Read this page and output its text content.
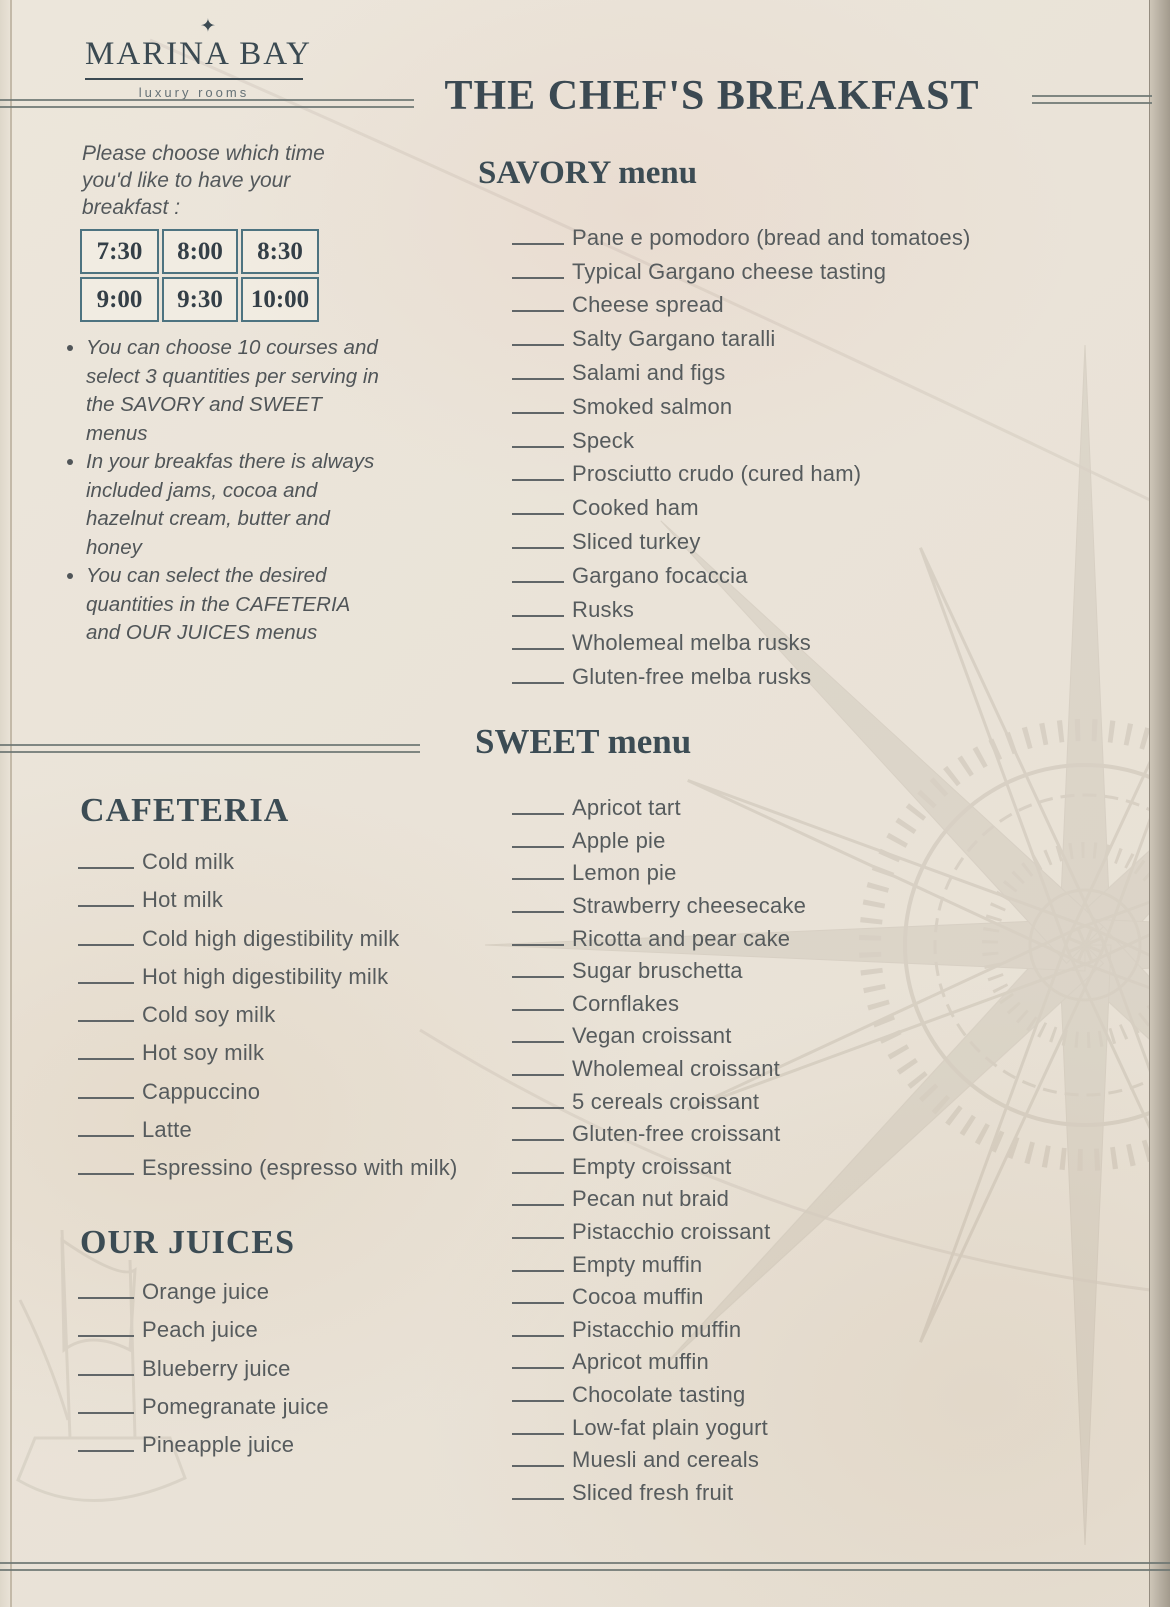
✦
MARINA BAY
luxury rooms	THE CHEF'S BREAKFAST
Please choose which time you'd like to have your breakfast :
7:30	8:00	8:30
9:00	9:30	10:00
• You can choose 10 courses and select 3 quantities per serving in the SAVORY and SWEET menus
• In your breakfas there is always included jams, cocoa and hazelnut cream, butter and honey
• You can select the desired quantities in the CAFETERIA and OUR JUICES menus
CAFETERIA
Cold milk
Hot milk
Cold high digestibility milk
Hot high digestibility milk
Cold soy milk
Hot soy milk
Cappuccino
Latte
Espressino (espresso with milk)
OUR JUICES
Orange juice
Peach juice
Blueberry juice
Pomegranate juice
Pineapple juice
SAVORY menu
Pane e pomodoro (bread and tomatoes)
Typical Gargano cheese tasting
Cheese spread
Salty Gargano taralli
Salami and figs
Smoked salmon
Speck
Prosciutto crudo (cured ham)
Cooked ham
Sliced turkey
Gargano focaccia
Rusks
Wholemeal melba rusks
Gluten-free melba rusks
SWEET menu
Apricot tart
Apple pie
Lemon pie
Strawberry cheesecake
Ricotta and pear cake
Sugar bruschetta
Cornflakes
Vegan croissant
Wholemeal croissant
5 cereals croissant
Gluten-free croissant
Empty croissant
Pecan nut braid
Pistacchio croissant
Empty muffin
Cocoa muffin
Pistacchio muffin
Apricot muffin
Chocolate tasting
Low-fat plain yogurt
Muesli and cereals
Sliced fresh fruit
